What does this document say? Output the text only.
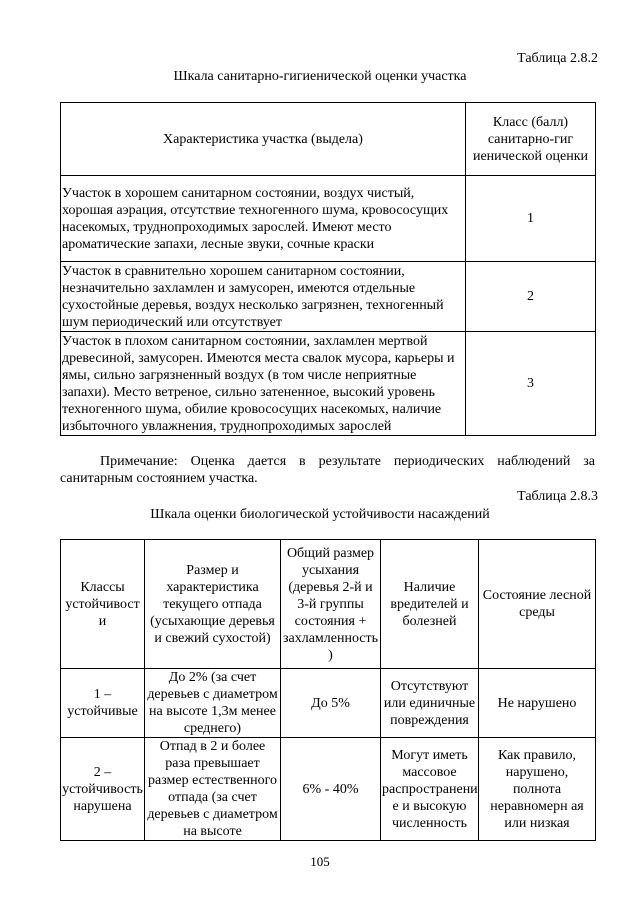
Таблица 2.8.2
Шкала санитарно-гигиенической оценки участка
Характеристика участка (выдела)	Класс (балл) санитарно-гиг иенической оценки
Участок в хорошем санитарном состоянии, воздух чистый, хорошая аэрация, отсутствие техногенного шума, кровососущих насекомых, труднопроходимых зарослей. Имеют место ароматические запахи, лесные звуки, сочные краски	1
Участок в сравнительно хорошем санитарном состоянии, незначительно захламлен и замусорен, имеются отдельные сухостойные деревья, воздух несколько загрязнен, техногенный шум периодический или отсутствует	2
Участок в плохом санитарном состоянии, захламлен мертвой древесиной, замусорен. Имеются места свалок мусора, карьеры и ямы, сильно загрязненный воздух (в том числе неприятные запахи). Место ветреное, сильно затененное, высокий уровень техногенного шума, обилие кровососущих насекомых, наличие избыточного увлажнения, труднопроходимых зарослей	3
Примечание: Оценка дается в результате периодических наблюдений за санитарным состоянием участка.
Таблица 2.8.3
Шкала оценки биологической устойчивости насаждений
Классы устойчивост и	Размер и характеристика текущего отпада (усыхающие деревья и свежий сухостой)	Общий размер усыхания (деревья 2-й и 3-й группы состояния + захламленность )	Наличие вредителей и болезней	Состояние лесной среды
1 – устойчивые	До 2% (за счет деревьев с диаметром на высоте 1,3м менее среднего)	До 5%	Отсутствуют или единичные повреждения	Не нарушено
2 – устойчивость нарушена	Отпад в 2 и более раза превышает размер естественного отпада (за счет деревьев с диаметром на высоте	6% - 40%	Могут иметь массовое распространени е и высокую численность	Как правило, нарушено, полнота неравномерн ая или низкая
105
